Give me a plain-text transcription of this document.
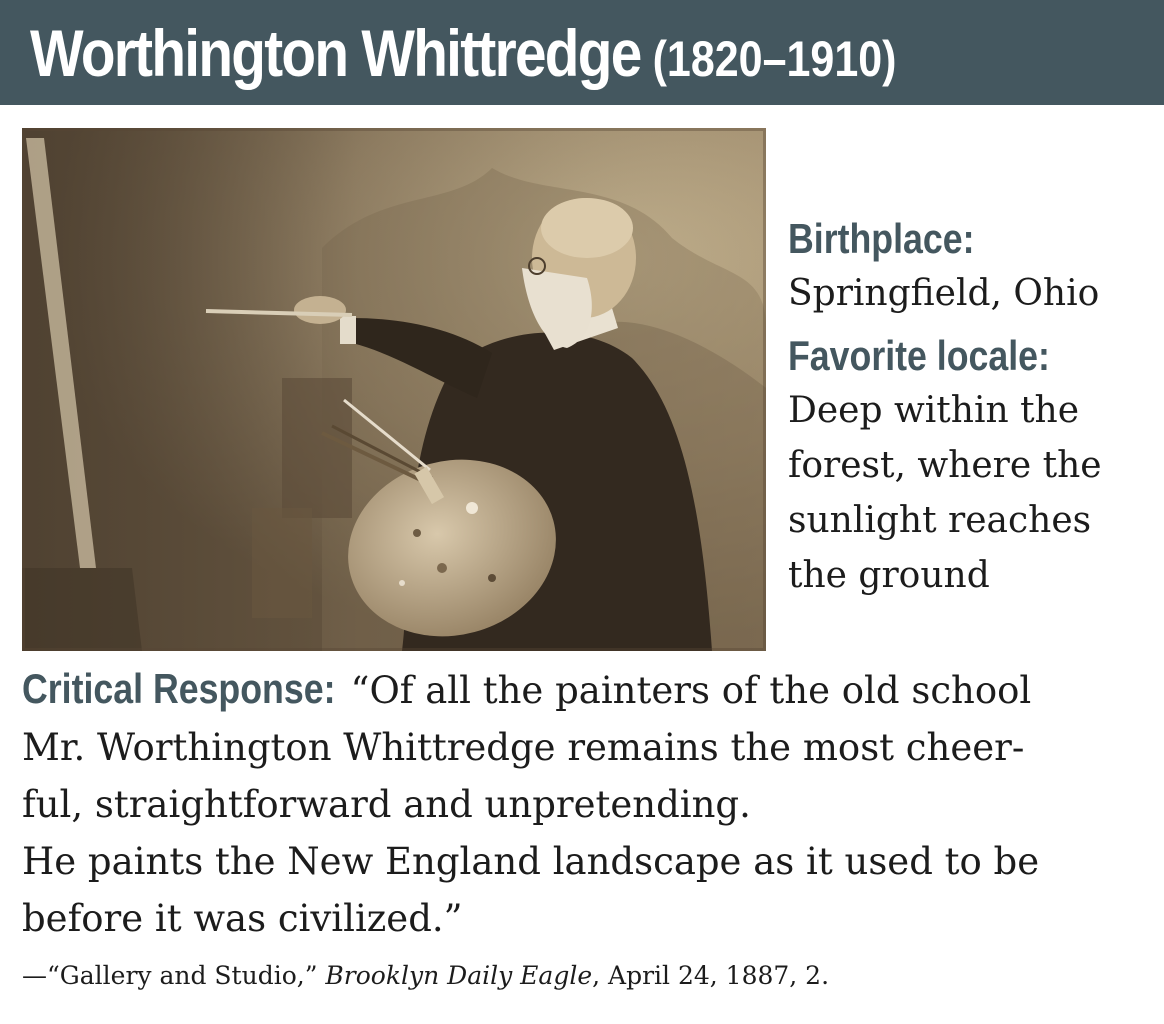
Worthington Whittredge (1820–1910)
Birthplace:
Springfield, Ohio
Favorite locale:
Deep within the
forest, where the
sunlight reaches
the ground
Critical Response: “Of all the painters of the old school
Mr. Worthington Whittredge remains the most cheer-
ful, straightforward and unpretending.
He paints the New England landscape as it used to be
before it was civilized.”
—“Gallery and Studio,” Brooklyn Daily Eagle, April 24, 1887, 2.
